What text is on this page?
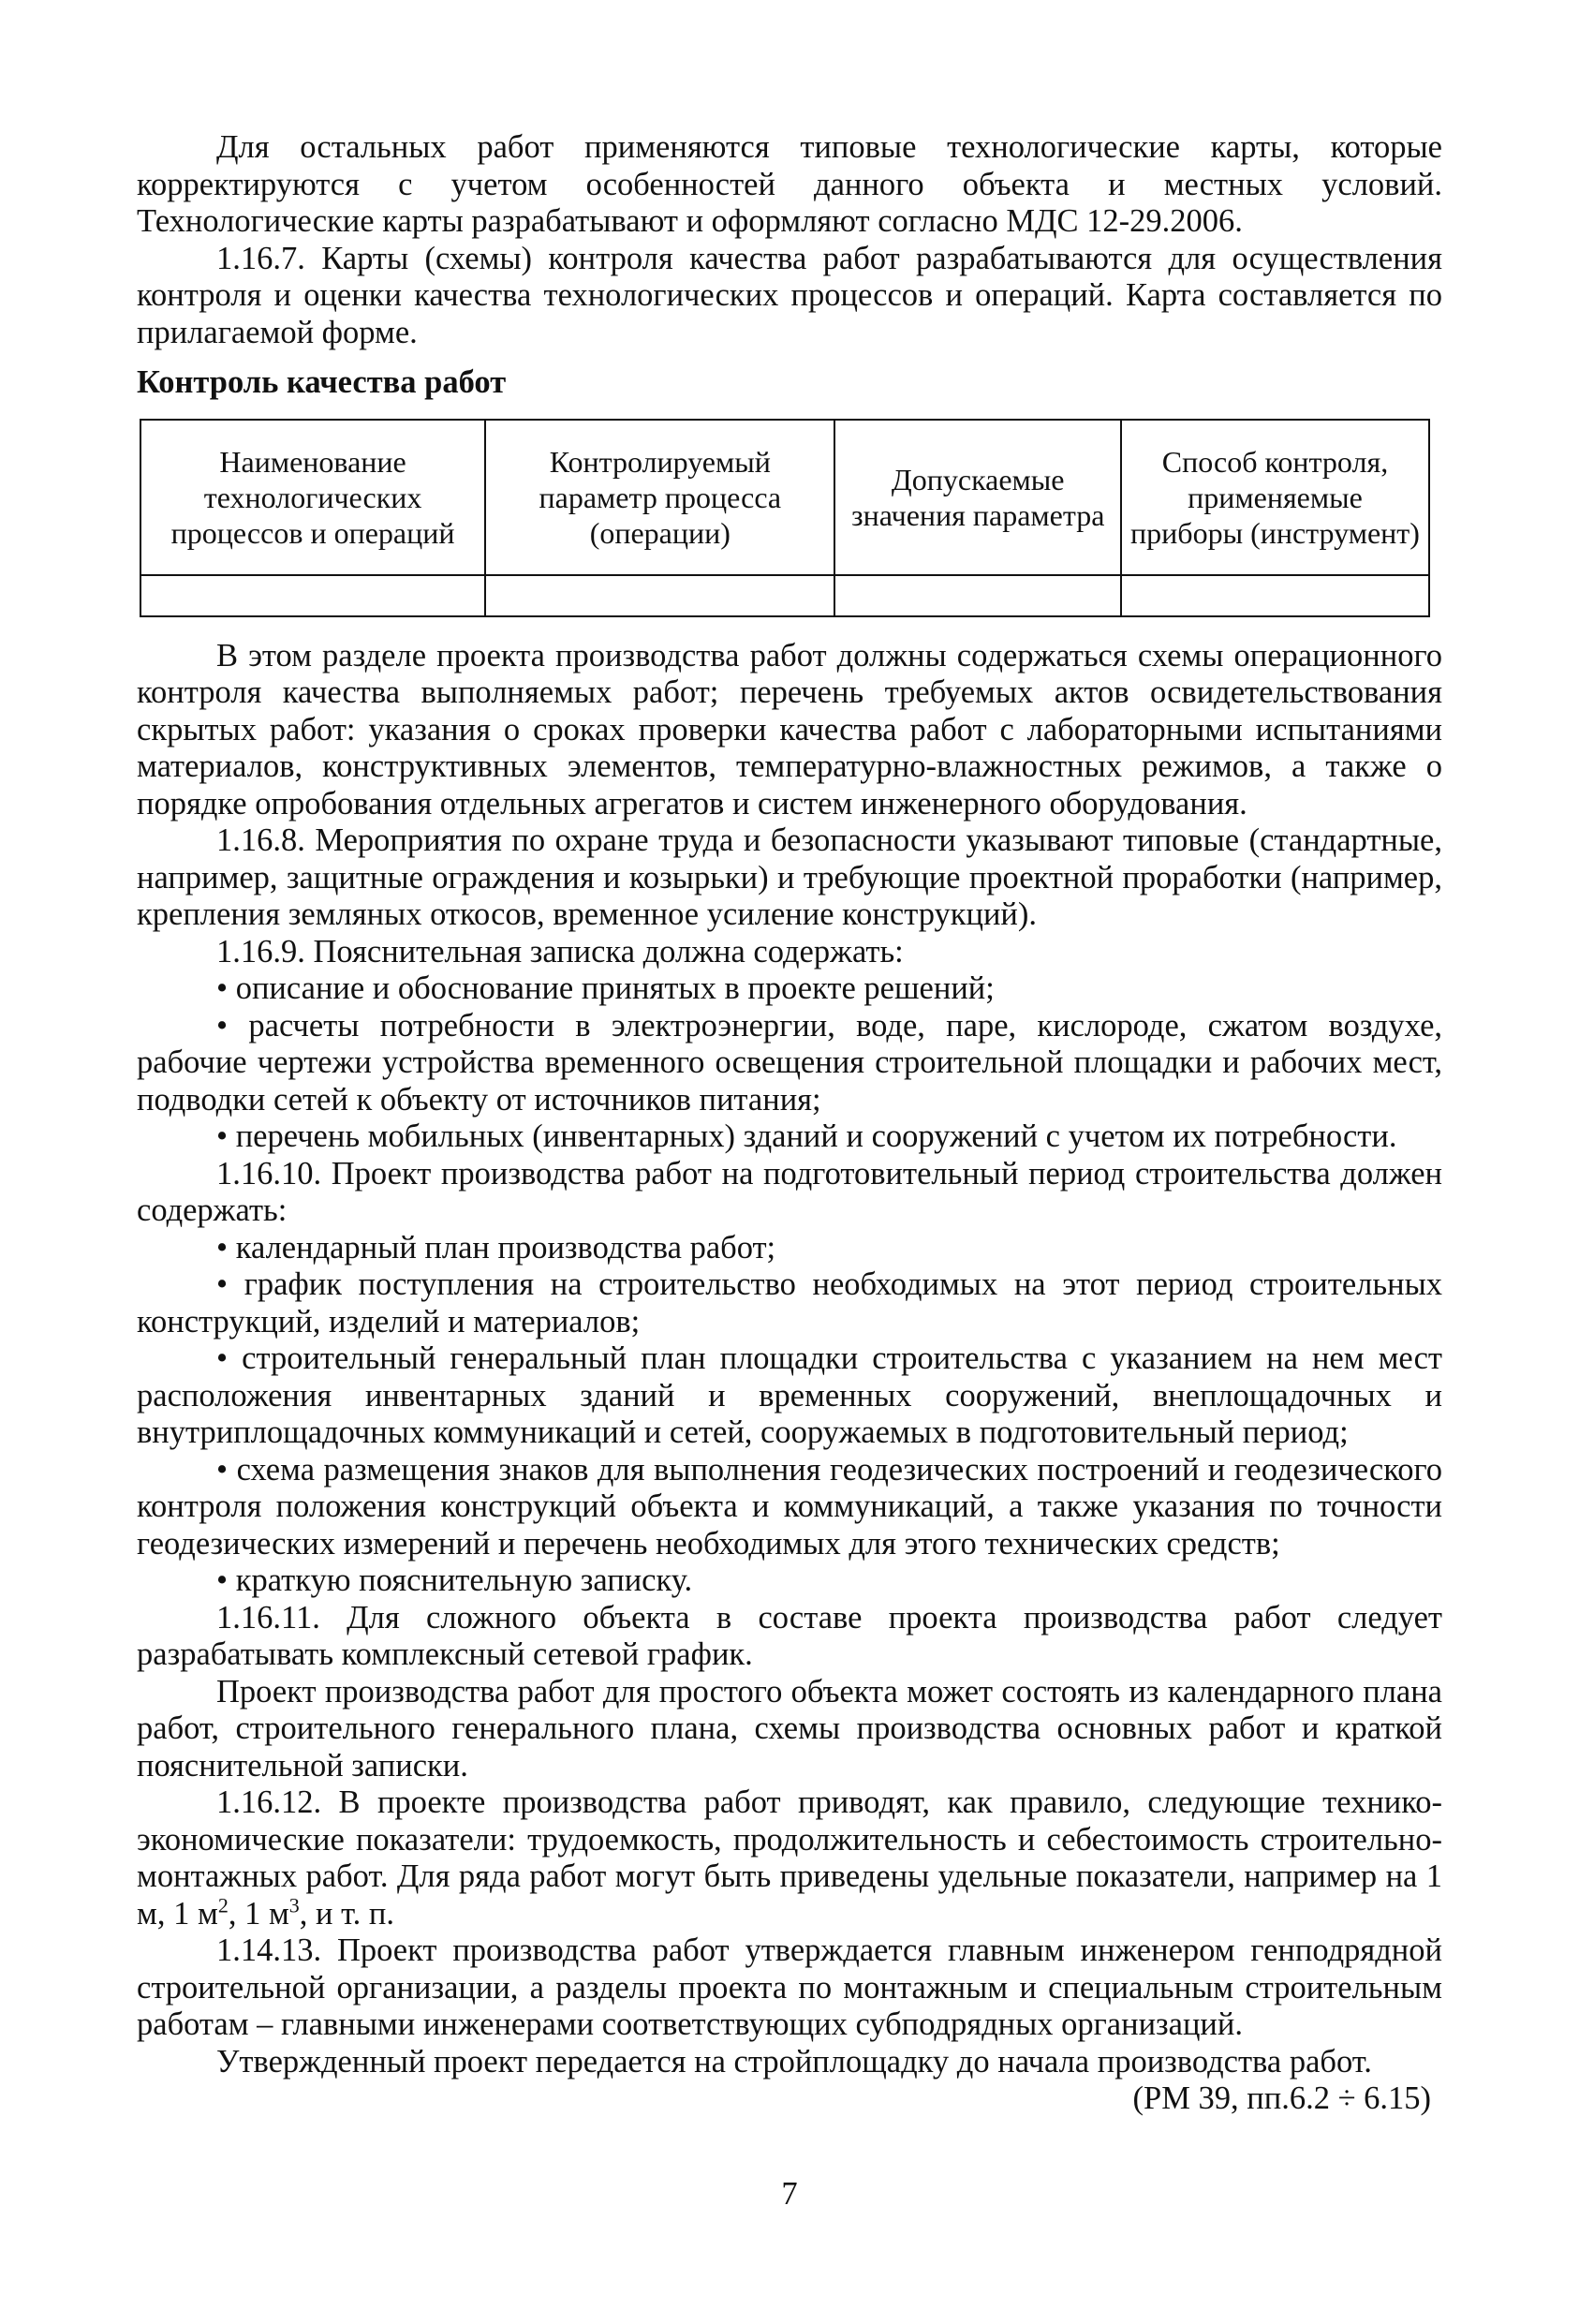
Для остальных работ применяются типовые технологические карты, которые корректируются с учетом особенностей данного объекта и местных условий. Технологические карты разрабатывают и оформляют согласно МДС 12-29.2006.

1.16.7. Карты (схемы) контроля качества работ разрабатываются для осуществления контроля и оценки качества технологических процессов и операций. Карта составляется по прилагаемой форме.

Контроль качества работ

Наименование технологических процессов и операций	Контролируемый параметр процесса (операции)	Допускаемые значения параметра	Способ контроля, применяемые приборы (инструмент)

В этом разделе проекта производства работ должны содержаться схемы операционного контроля качества выполняемых работ; перечень требуемых актов освидетельствования скрытых работ: указания о сроках проверки качества работ с лабораторными испытаниями материалов, конструктивных элементов, температурно-влажностных режимов, а также о порядке опробования отдельных агрегатов и систем инженерного оборудования.

1.16.8. Мероприятия по охране труда и безопасности указывают типовые (стандартные, например, защитные ограждения и козырьки) и требующие проектной проработки (например, крепления земляных откосов, временное усиление конструкций).

1.16.9. Пояснительная записка должна содержать:

• описание и обоснование принятых в проекте решений;

• расчеты потребности в электроэнергии, воде, паре, кислороде, сжатом воздухе, рабочие чертежи устройства временного освещения строительной площадки и рабочих мест, подводки сетей к объекту от источников питания;

• перечень мобильных (инвентарных) зданий и сооружений с учетом их потребности.

1.16.10. Проект производства работ на подготовительный период строительства должен содержать:

• календарный план производства работ;

• график поступления на строительство необходимых на этот период строительных конструкций, изделий и материалов;

• строительный генеральный план площадки строительства с указанием на нем мест расположения инвентарных зданий и временных сооружений, внеплощадочных и внутриплощадочных коммуникаций и сетей, сооружаемых в подготовительный период;

• схема размещения знаков для выполнения геодезических построений и геодезического контроля положения конструкций объекта и коммуникаций, а также указания по точности геодезических измерений и перечень необходимых для этого технических средств;

• краткую пояснительную записку.

1.16.11. Для сложного объекта в составе проекта производства работ следует разрабатывать комплексный сетевой график.

Проект производства работ для простого объекта может состоять из календарного плана работ, строительного генерального плана, схемы производства основных работ и краткой пояснительной записки.

1.16.12. В проекте производства работ приводят, как правило, следующие технико-экономические показатели: трудоемкость, продолжительность и себестоимость строительно-монтажных работ. Для ряда работ могут быть приведены удельные показатели, например на 1 м, 1 $м^2$, 1 $м^3$, и т. п.

1.14.13. Проект производства работ утверждается главным инженером генподрядной строительной организации, а разделы проекта по монтажным и специальным строительным работам – главными инженерами соответствующих субподрядных организаций.

Утвержденный проект передается на стройплощадку до начала производства работ.

(РМ 39, пп.6.2 ÷ 6.15)

7
